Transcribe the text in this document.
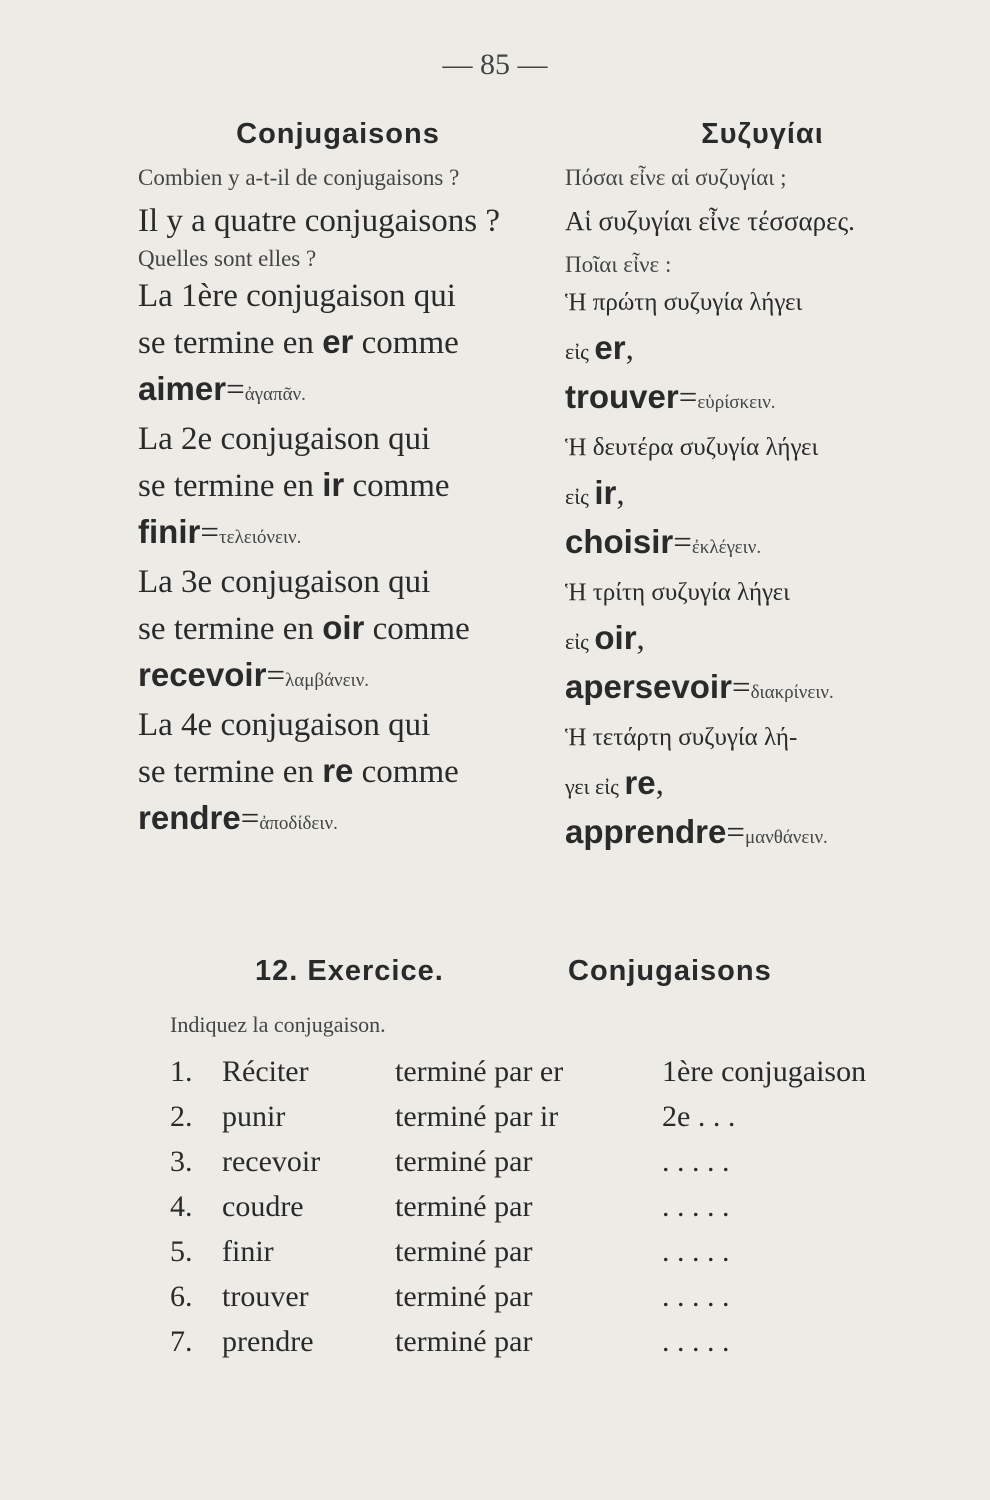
— 85 —
Conjugaisons
Combien y a-t-il de conjugaisons ?
Il y a quatre conjugaisons ?
Quelles sont elles ?
La 1ère conjugaison qui
se termine en er comme
aimer=ἀγαπᾶν.
La 2e conjugaison qui
se termine en ir comme
finir=τελειόνειν.
La 3e conjugaison qui
se termine en oir comme
recevoir=λαμβάνειν.
La 4e conjugaison qui
se termine en re comme
rendre=ἀποδίδειν.
Συζυγίαι
Πόσαι εἶνε αἱ συζυγίαι ;
Αἱ συζυγίαι εἶνε τέσσαρες.
Ποῖαι εἶνε :
Ἡ πρώτη συζυγία λήγει
εἰς er,
trouver=εὑρίσκειν.
Ἡ δευτέρα συζυγία λήγει
εἰς ir,
choisir=ἐκλέγειν.
Ἡ τρίτη συζυγία λήγει
εἰς oir,
apersevoir=διακρίνειν.
Ἡ τετάρτη συζυγία λή-
γει εἰς re,
apprendre=μανθάνειν.
12. Exercice.	Conjugaisons
Indiquez la conjugaison.
1. Réciter	terminé par er	1ère conjugaison
2. punir	terminé par ir	2e . . .
3. recevoir terminé par	. . . . .
4. coudre	terminé par	. . . . .
5. finir	terminé par	. . . . .
6. trouver	terminé par	. . . . .
7. prendre	terminé par	. . . . .
